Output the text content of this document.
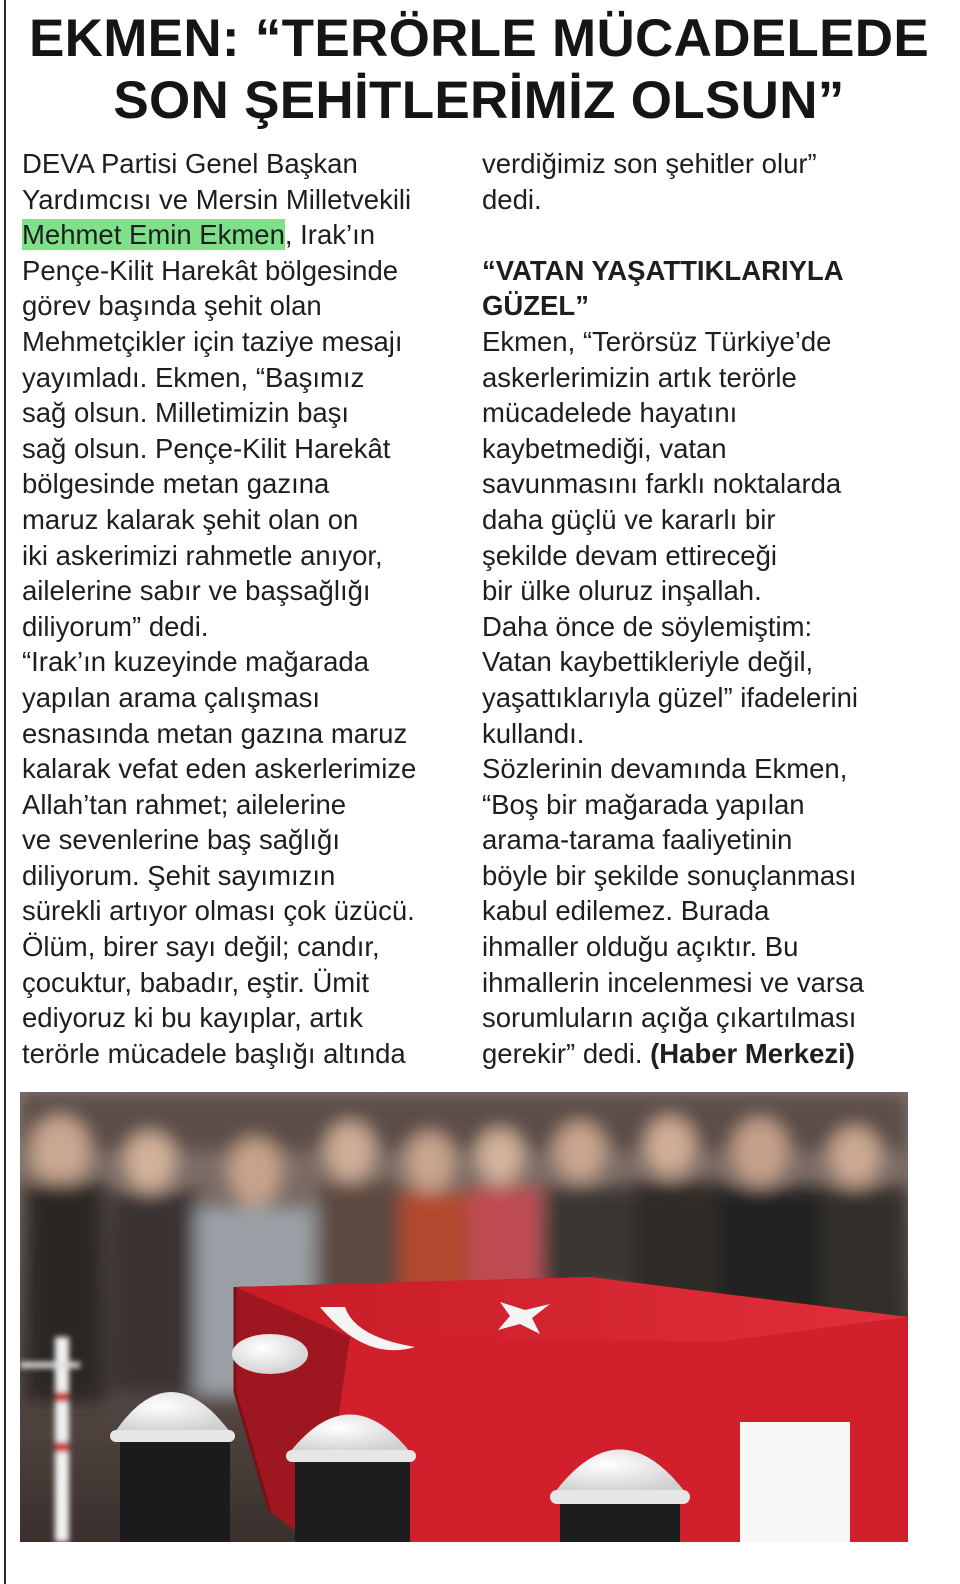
EKMEN: “TERÖRLE MÜCADELEDE
SON ŞEHİTLERİMİZ OLSUN”

DEVA Partisi Genel Başkan

Yardımcısı ve Mersin Milletvekili

Mehmet Emin Ekmen, Irak’ın

Pençe-Kilit Harekât bölgesinde

görev başında şehit olan

Mehmetçikler için taziye mesajı

yayımladı. Ekmen, “Başımız

sağ olsun. Milletimizin başı

sağ olsun. Pençe-Kilit Harekât

bölgesinde metan gazına

maruz kalarak şehit olan on

iki askerimizi rahmetle anıyor,

ailelerine sabır ve başsağlığı

diliyorum” dedi.

“Irak’ın kuzeyinde mağarada

yapılan arama çalışması

esnasında metan gazına maruz

kalarak vefat eden askerlerimize

Allah’tan rahmet; ailelerine

ve sevenlerine baş sağlığı

diliyorum. Şehit sayımızın

sürekli artıyor olması çok üzücü.

Ölüm, birer sayı değil; candır,

çocuktur, babadır, eştir. Ümit

ediyoruz ki bu kayıplar, artık

terörle mücadele başlığı altında

verdiğimiz son şehitler olur”

dedi.

“VATAN YAŞATTIKLARIYLA

GÜZEL”

Ekmen, “Terörsüz Türkiye’de

askerlerimizin artık terörle

mücadelede hayatını

kaybetmediği, vatan

savunmasını farklı noktalarda

daha güçlü ve kararlı bir

şekilde devam ettireceği

bir ülke oluruz inşallah.

Daha önce de söylemiştim:

Vatan kaybettikleriyle değil,

yaşattıklarıyla güzel” ifadelerini

kullandı.

Sözlerinin devamında Ekmen,

“Boş bir mağarada yapılan

arama-tarama faaliyetinin

böyle bir şekilde sonuçlanması

kabul edilemez. Burada

ihmaller olduğu açıktır. Bu

ihmallerin incelenmesi ve varsa

sorumluların açığa çıkartılması

gerekir” dedi. (Haber Merkezi)
